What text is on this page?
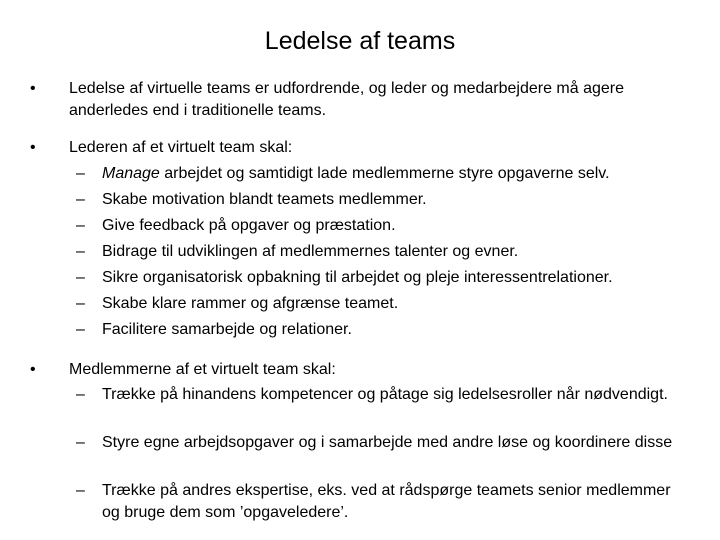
Ledelse af teams
• Ledelse af virtuelle teams er udfordrende, og leder og medarbejdere må agere anderledes end i traditionelle teams.
• Lederen af et virtuelt team skal:
– Manage arbejdet og samtidigt lade medlemmerne styre opgaverne selv.
– Skabe motivation blandt teamets medlemmer.
– Give feedback på opgaver og præstation.
– Bidrage til udviklingen af medlemmernes talenter og evner.
– Sikre organisatorisk opbakning til arbejdet og pleje interessentrelationer.
– Skabe klare rammer og afgrænse teamet.
– Facilitere samarbejde og relationer.
• Medlemmerne af et virtuelt team skal:
– Trække på hinandens kompetencer og påtage sig ledelsesroller når nødvendigt.
– Styre egne arbejdsopgaver og i samarbejde med andre løse og koordinere disse
– Trække på andres ekspertise, eks. ved at rådspørge teamets senior medlemmer og bruge dem som ’opgaveledere’.
